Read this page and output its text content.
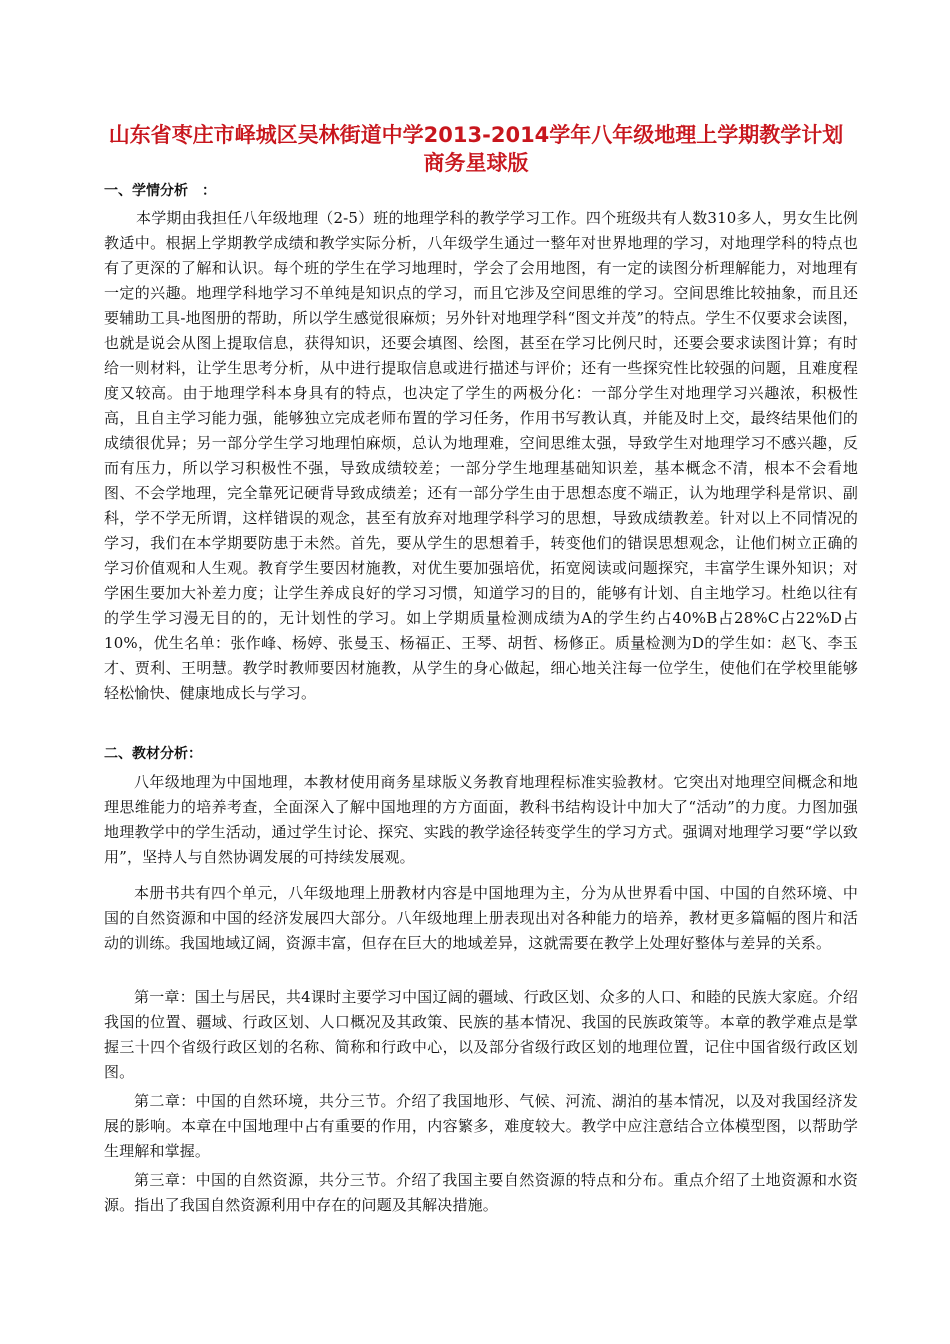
山东省枣庄市峄城区吴林街道中学2013-2014学年八年级地理上学期教学计划
商务星球版
一、学情分析　：
本学期由我担任八年级地理（2-5）班的地理学科的教学学习工作。四个班级共有人数310多人，男女生比例教适中。根据上学期教学成绩和教学实际分析，八年级学生通过一整年对世界地理的学习，对地理学科的特点也有了更深的了解和认识。每个班的学生在学习地理时，学会了会用地图，有一定的读图分析理解能力，对地理有一定的兴趣。地理学科地学习不单纯是知识点的学习，而且它涉及空间思维的学习。空间思维比较抽象，而且还要辅助工具-地图册的帮助，所以学生感觉很麻烦；另外针对地理学科“图文并茂”的特点。学生不仅要求会读图，也就是说会从图上提取信息，获得知识，还要会填图、绘图，甚至在学习比例尺时，还要会要求读图计算；有时给一则材料，让学生思考分析，从中进行提取信息或进行描述与评价；还有一些探究性比较强的问题，且难度程度又较高。由于地理学科本身具有的特点，也决定了学生的两极分化：一部分学生对地理学习兴趣浓，积极性高，且自主学习能力强，能够独立完成老师布置的学习任务，作用书写教认真，并能及时上交，最终结果他们的成绩很优异；另一部分学生学习地理怕麻烦，总认为地理难，空间思维太强，导致学生对地理学习不感兴趣，反而有压力，所以学习积极性不强，导致成绩较差；一部分学生地理基础知识差，基本概念不清，根本不会看地图、不会学地理，完全靠死记硬背导致成绩差；还有一部分学生由于思想态度不端正，认为地理学科是常识、副科，学不学无所谓，这样错误的观念，甚至有放弃对地理学科学习的思想，导致成绩教差。针对以上不同情况的学习，我们在本学期要防患于未然。首先，要从学生的思想着手，转变他们的错误思想观念，让他们树立正确的学习价值观和人生观。教育学生要因材施教，对优生要加强培优，拓宽阅读或问题探究，丰富学生课外知识；对学困生要加大补差力度；让学生养成良好的学习习惯，知道学习的目的，能够有计划、自主地学习。杜绝以往有的学生学习漫无目的的，无计划性的学习。如上学期质量检测成绩为A的学生约占40%B占28%C占22%D占10%，优生名单：张作峰、杨婷、张曼玉、杨福正、王琴、胡哲、杨修正。质量检测为D的学生如：赵飞、李玉才、贾利、王明慧。教学时教师要因材施教，从学生的身心做起，细心地关注每一位学生，使他们在学校里能够轻松愉快、健康地成长与学习。
二、教材分析：
八年级地理为中国地理，本教材使用商务星球版义务教育地理程标准实验教材。它突出对地理空间概念和地理思维能力的培养考查，全面深入了解中国地理的方方面面，教科书结构设计中加大了“活动”的力度。力图加强地理教学中的学生活动，通过学生讨论、探究、实践的教学途径转变学生的学习方式。强调对地理学习要“学以致用”，坚持人与自然协调发展的可持续发展观。
本册书共有四个单元，八年级地理上册教材内容是中国地理为主，分为从世界看中国、中国的自然环境、中国的自然资源和中国的经济发展四大部分。八年级地理上册表现出对各种能力的培养，教材更多篇幅的图片和活动的训练。我国地域辽阔，资源丰富，但存在巨大的地域差异，这就需要在教学上处理好整体与差异的关系。
第一章：国土与居民，共4课时主要学习中国辽阔的疆域、行政区划、众多的人口、和睦的民族大家庭。介绍我国的位置、疆域、行政区划、人口概况及其政策、民族的基本情况、我国的民族政策等。本章的教学难点是掌握三十四个省级行政区划的名称、简称和行政中心，以及部分省级行政区划的地理位置，记住中国省级行政区划图。
第二章：中国的自然环境，共分三节。介绍了我国地形、气候、河流、湖泊的基本情况，以及对我国经济发展的影响。本章在中国地理中占有重要的作用，内容繁多，难度较大。教学中应注意结合立体模型图，以帮助学生理解和掌握。
第三章：中国的自然资源，共分三节。介绍了我国主要自然资源的特点和分布。重点介绍了土地资源和水资源。指出了我国自然资源利用中存在的问题及其解决措施。
